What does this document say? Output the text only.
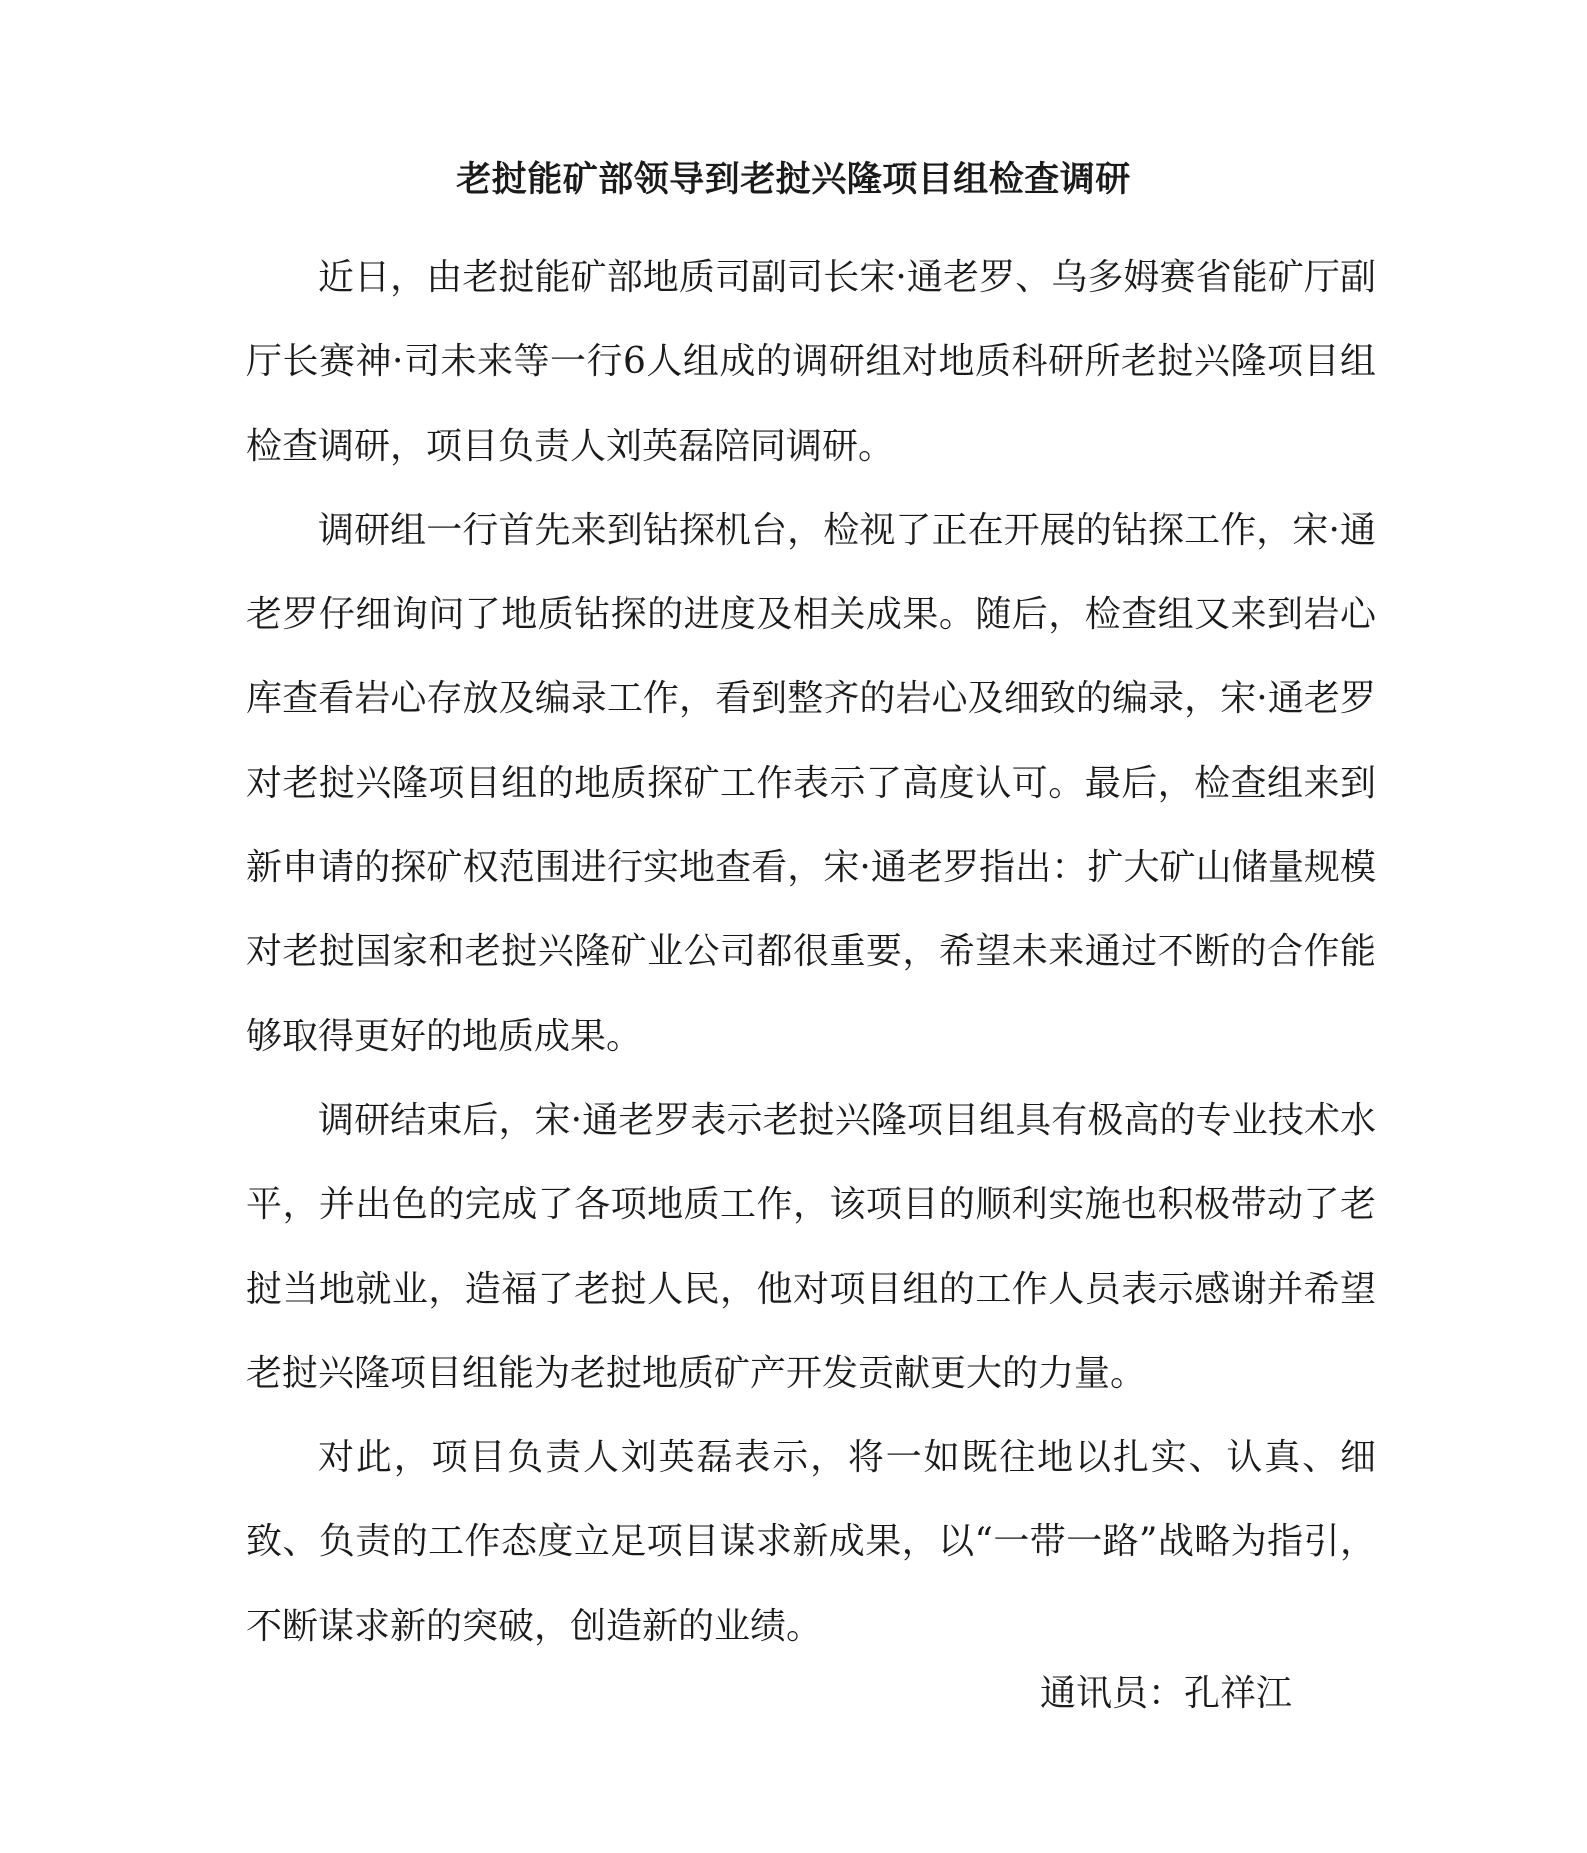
老挝能矿部领导到老挝兴隆项目组检查调研

近日，由老挝能矿部地质司副司长宋·通老罗、乌多姆赛省能矿厅副厅长赛神·司未来等一行6人组成的调研组对地质科研所老挝兴隆项目组检查调研，项目负责人刘英磊陪同调研。

调研组一行首先来到钻探机台，检视了正在开展的钻探工作，宋·通老罗仔细询问了地质钻探的进度及相关成果。随后，检查组又来到岩心库查看岩心存放及编录工作，看到整齐的岩心及细致的编录，宋·通老罗对老挝兴隆项目组的地质探矿工作表示了高度认可。最后，检查组来到新申请的探矿权范围进行实地查看，宋·通老罗指出：扩大矿山储量规模对老挝国家和老挝兴隆矿业公司都很重要，希望未来通过不断的合作能够取得更好的地质成果。

调研结束后，宋·通老罗表示老挝兴隆项目组具有极高的专业技术水平，并出色的完成了各项地质工作，该项目的顺利实施也积极带动了老挝当地就业，造福了老挝人民，他对项目组的工作人员表示感谢并希望老挝兴隆项目组能为老挝地质矿产开发贡献更大的力量。

对此，项目负责人刘英磊表示，将一如既往地以扎实、认真、细致、负责的工作态度立足项目谋求新成果，以“一带一路”战略为指引，不断谋求新的突破，创造新的业绩。

通讯员：孔祥江
